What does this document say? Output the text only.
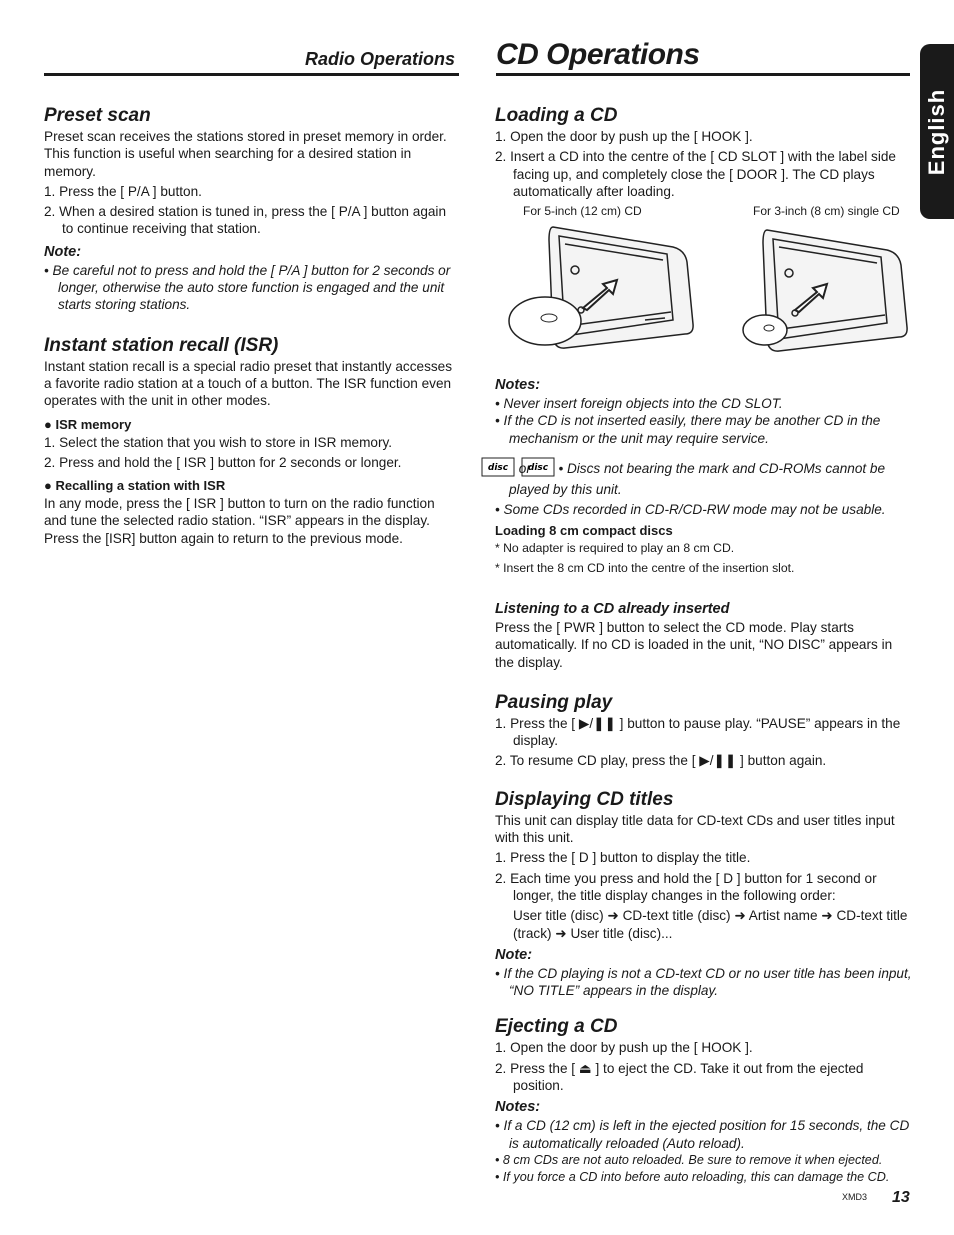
Radio Operations CD Operations
English
Preset scan

Preset scan receives the stations stored in preset memory in order. This function is useful when searching for a desired station in memory.

1. Press the [ P/A ] button.
2. When a desired station is tuned in, press the [ P/A ] button again to continue receiving that station.
Note:
• Be careful not to press and hold the [ P/A ] button for 2 seconds or longer, otherwise the auto store function is engaged and the unit starts storing stations.
Instant station recall (ISR)

Instant station recall is a special radio preset that instantly accesses a favorite radio station at a touch of a button. The ISR function even operates with the unit in other modes.

● ISR memory
1. Select the station that you wish to store in ISR memory.
2. Press and hold the [ ISR ] button for 2 seconds or longer.
● Recalling a station with ISR

In any mode, press the [ ISR ] button to turn on the radio function and tune the selected radio station. “ISR” appears in the display. Press the [ISR] button again to return to the previous mode.

Loading a CD
1. Open the door by push up the [ HOOK ].
2. Insert a CD into the centre of the [ CD SLOT ] with the label side facing up, and completely close the [ DOOR ]. The CD plays automatically after loading.
For 5-inch (12 cm) CD	For 3-inch (8 cm) single CD
Notes:
• Never insert foreign objects into the CD SLOT.
• If the CD is not inserted easily, there may be another CD in the mechanism or the unit may require service.
disc or
disc • Discs not bearing the mark and CD-ROMs cannot be played by this unit.
• Some CDs recorded in CD-R/CD-RW mode may not be usable.
Loading 8 cm compact discs

* No adapter is required to play an 8 cm CD.

* Insert the 8 cm CD into the centre of the insertion slot.

Listening to a CD already inserted

Press the [ PWR ] button to select the CD mode. Play starts automatically. If no CD is loaded in the unit, “NO DISC” appears in the display.

Pausing play
1. Press the [ ▶/❚❚ ] button to pause play. “PAUSE” appears in the display.
2. To resume CD play, press the [ ▶/❚❚ ] button again.
Displaying CD titles

This unit can display title data for CD-text CDs and user titles input with this unit.

1. Press the [ D ] button to display the title.
2. Each time you press and hold the [ D ] button for 1 second or longer, the title display changes in the following order:

User title (disc) ➜ CD-text title (disc) ➜ Artist name ➜ CD-text title (track) ➜ User title (disc)...

Note:
• If the CD playing is not a CD-text CD or no user title has been input, “NO TITLE” appears in the display.
Ejecting a CD
1. Open the door by push up the [ HOOK ].
2. Press the [ ⏏ ] to eject the CD. Take it out from the ejected position.
Notes:
• If a CD (12 cm) is left in the ejected position for 15 seconds, the CD is automatically reloaded (Auto reload).
• 8 cm CDs are not auto reloaded. Be sure to remove it when ejected.
• If you force a CD into before auto reloading, this can damage the CD.
XMD3 13
